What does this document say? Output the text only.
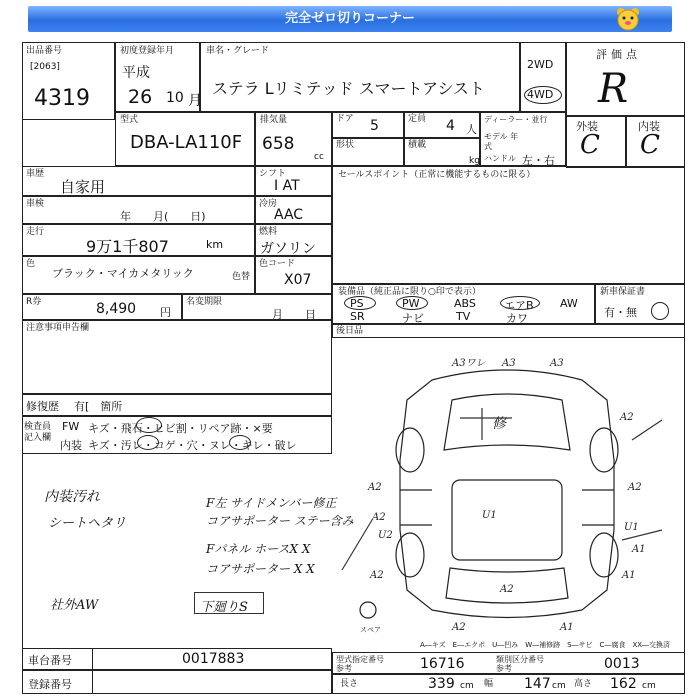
完全ゼロ切りコーナー
出品番号
[2063]
4319
初度登録年月
平成
26 10 月
車名・グレード
ステラ Lリミテッド スマートアシスト
2WD
4WD
評価点
R
外装	内装
C C
型式
DBA-LA110F
排気量
658
cc
ドア 5	定員 4 人
形状	積載
kg
ディーラー・並行
モデル 年式
ハンドル 左・右
車歴
自家用
シフト
I AT
車検
年　　月(　　日)
冷房
AAC
走行
9万1千807	km
燃料
ガソリン
色
ブラック・マイカメタリック	色替
色コード
X07
R券	8,490 円
名変期限
月　　日
注意事項申告欄
修復歴 有[　箇所
検査員 記入欄
FW キズ・飛石・ヒビ割・リペア跡・×要
内装 キズ・汚レ・コゲ・穴・ヌレ・キレ・破レ
内装汚れ
シートヘタリ
F左 サイドメンバー修正
コアサポーター ステー含み
Fパネル ホースX X
コアサポーター X X
社外AW	下廻りS
セールスポイント（正常に機能するものに限る）
装備品（純正品に限り○印で表示）
PS	PW	ABS	エアB AW
SR	ナビ	TV	カワ
新車保証書
有・無
後日品
A3ワレ A3	A3
A2
修
A2
A2
A2	U1
U2
A1
U1
A1
A2
A2
A2	A1
スペア
A―キズ　E―エクボ　U―凹み　W―補修跡　S―サビ　C―腐食　XX―交換済
車台番号	0017883
登録番号
型式指定番号 参考	16716	類別区分番号 参考	0013
長さ	339 cm 幅 147 cm 高さ 162 cm
